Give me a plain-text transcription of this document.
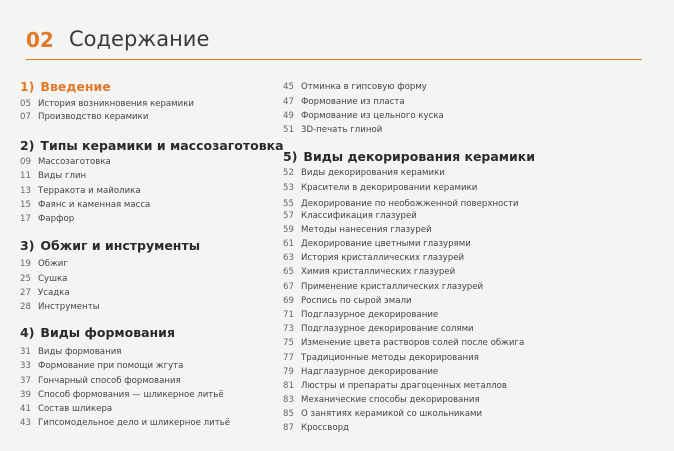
02 Содержание
1) Введение
05 История возникновения керамики
07 Производство керамики
2) Типы керамики и массозаготовка
09 Массозаготовка
11 Виды глин
13 Терракота и майолика
15 Фаянс и каменная масса
17 Фарфор
3) Обжиг и инструменты
19 Обжиг
25 Сушка
27 Усадка
28 Инструменты
4) Виды формования
31 Виды формования
33 Формование при помощи жгута
37 Гончарный способ формования
39 Способ формования — шликерное литьё
41 Состав шликера
43 Гипсомодельное дело и шликерное литьё
45 Отминка в гипсовую форму
47 Формование из пласта
49 Формование из цельного куска
51 3D-печать глиной
5) Виды декорирования керамики
52 Виды декорирования керамики
53 Красители в декорировании керамики
55 Декорирование по необожженной поверхности
57 Классификация глазурей
59 Методы нанесения глазурей
61 Декорирование цветными глазурями
63 История кристаллических глазурей
65 Химия кристаллических глазурей
67 Применение кристаллических глазурей
69 Роспись по сырой эмали
71 Подглазурное декорирование
73 Подглазурное декорирование солями
75 Изменение цвета растворов солей после обжига
77 Традиционные методы декорирования
79 Надглазурное декорирование
81 Люстры и препараты драгоценных металлов
83 Механические способы декорирования
85 О занятиях керамикой со школьниками
87 Кроссворд
